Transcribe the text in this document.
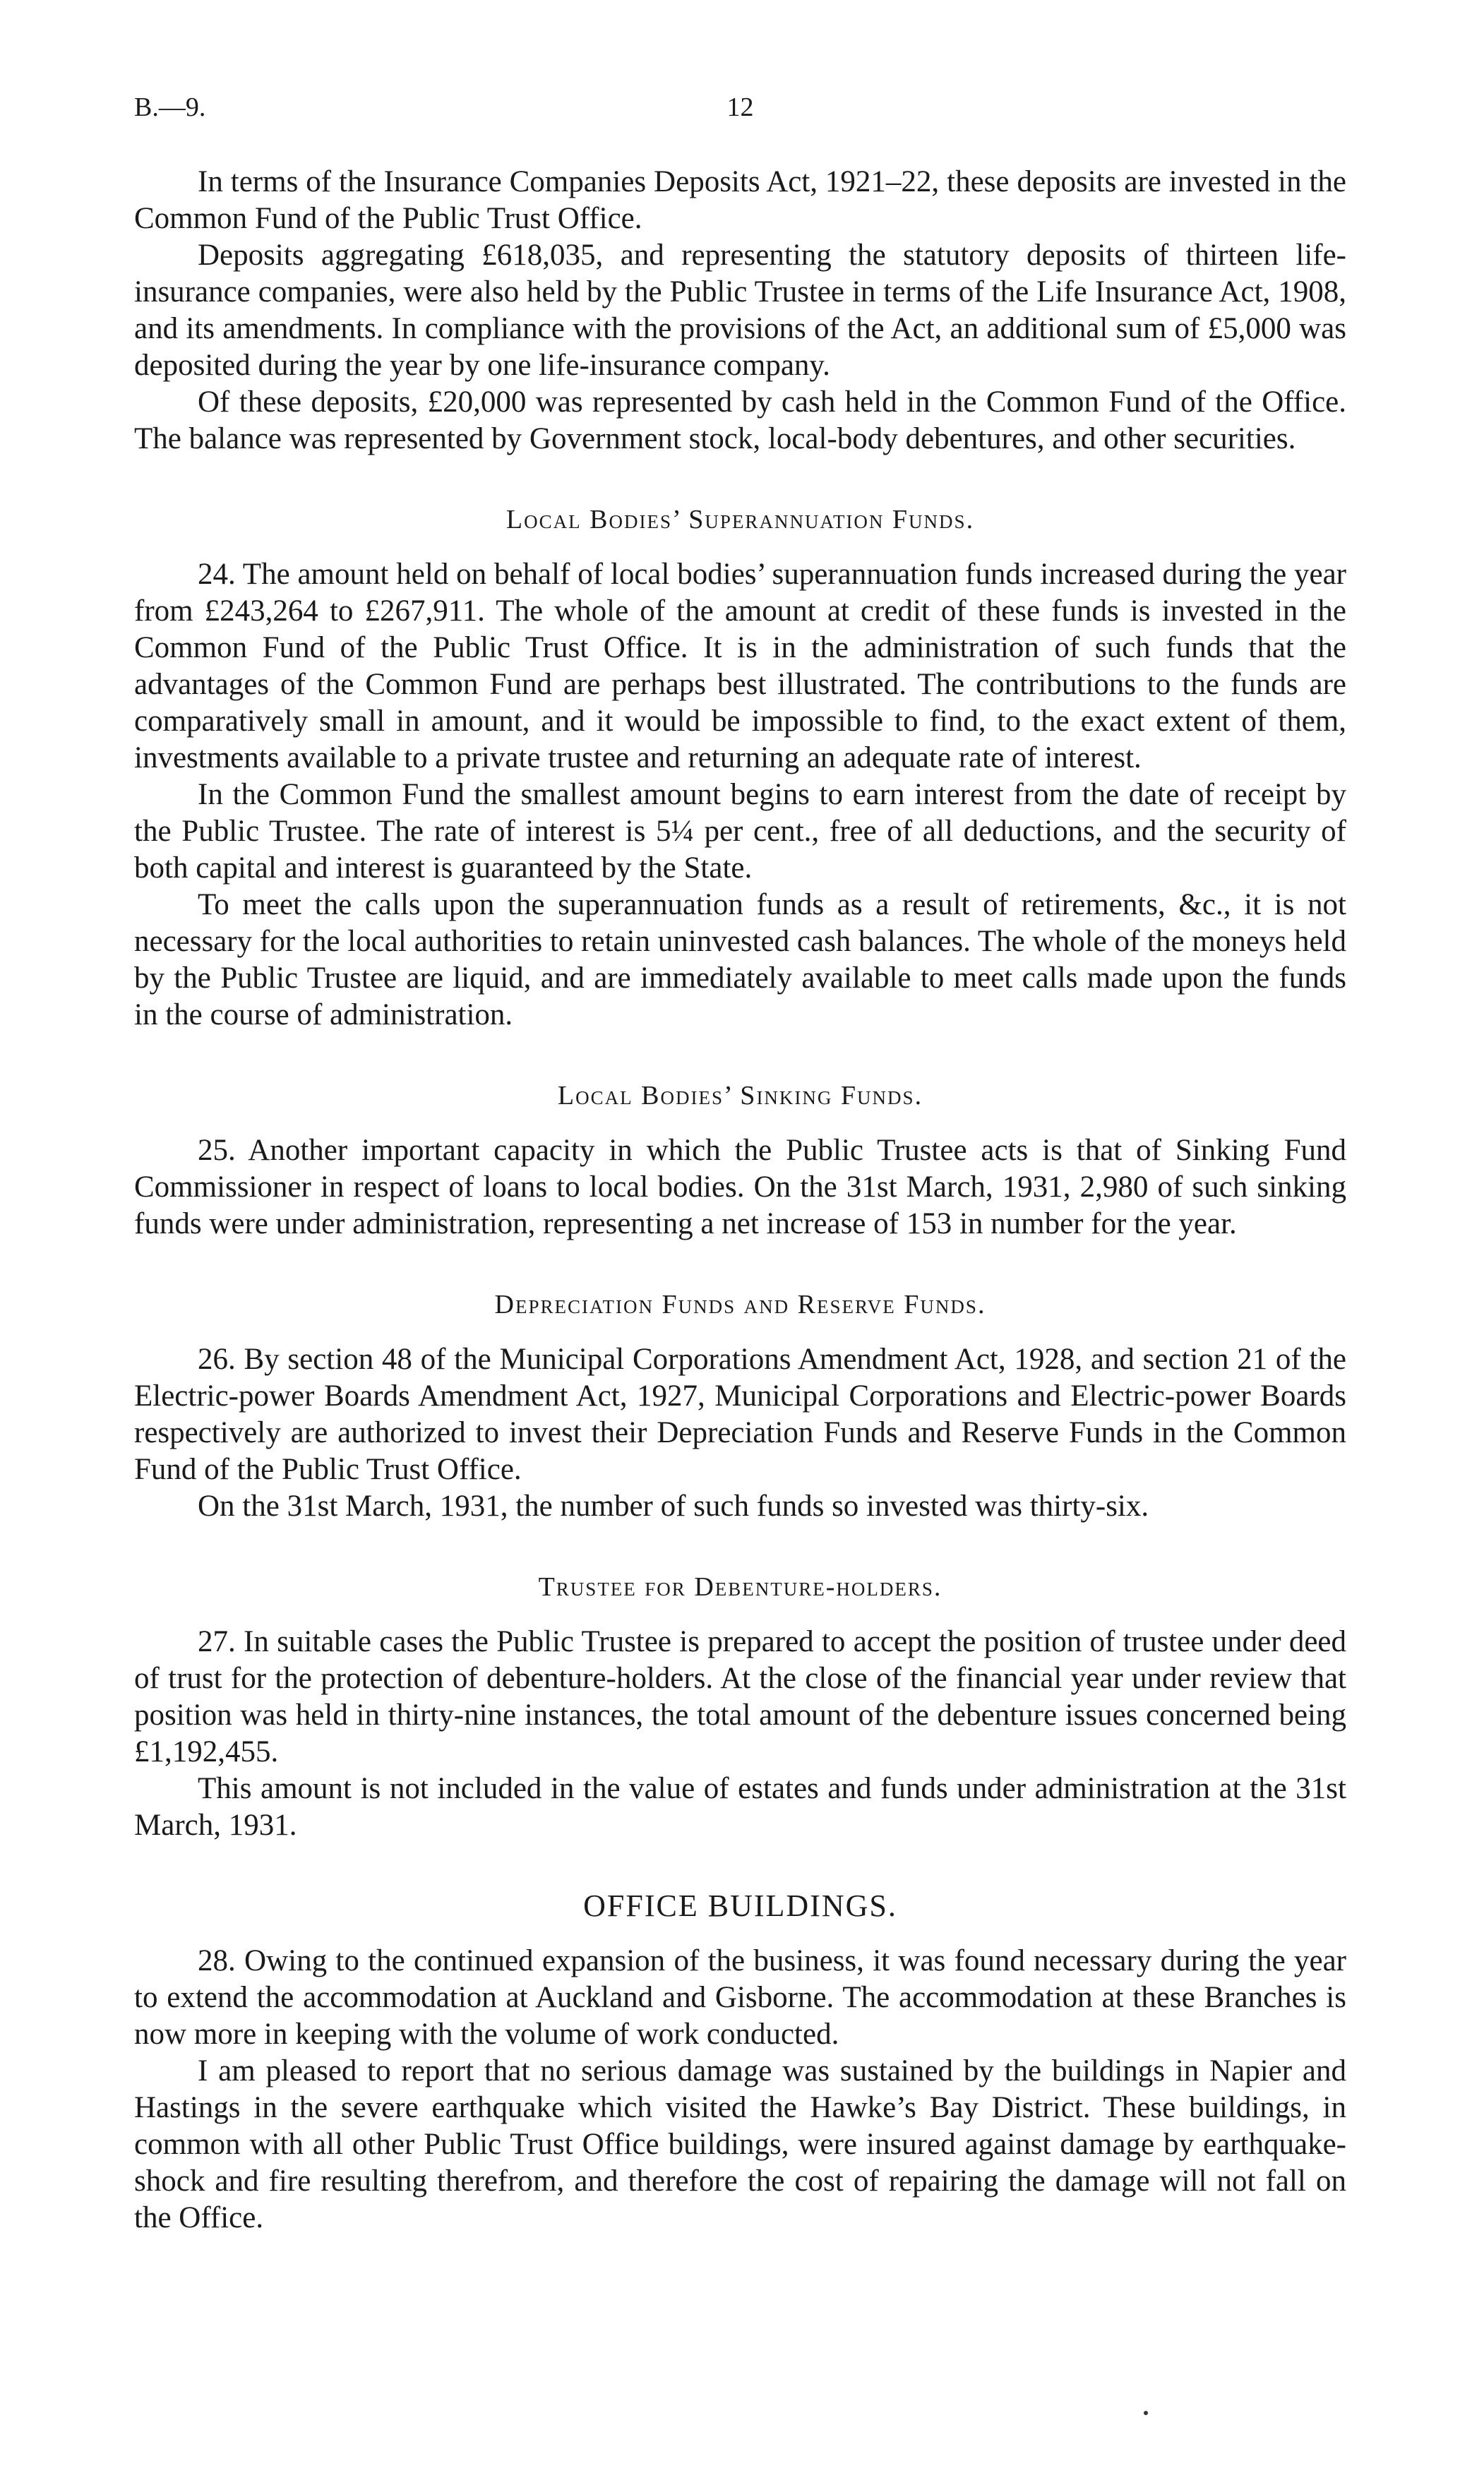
B.—9.	12

In terms of the Insurance Companies Deposits Act, 1921–22, these deposits are invested in the Common Fund of the Public Trust Office.

Deposits aggregating £618,035, and representing the statutory deposits of thirteen life-insurance companies, were also held by the Public Trustee in terms of the Life Insurance Act, 1908, and its amendments. In compliance with the provisions of the Act, an additional sum of £5,000 was deposited during the year by one life-insurance company.

Of these deposits, £20,000 was represented by cash held in the Common Fund of the Office. The balance was represented by Government stock, local-body debentures, and other securities.

Local Bodies’ Superannuation Funds.

24. The amount held on behalf of local bodies’ superannuation funds increased during the year from £243,264 to £267,911. The whole of the amount at credit of these funds is invested in the Common Fund of the Public Trust Office. It is in the administration of such funds that the advantages of the Common Fund are perhaps best illustrated. The contributions to the funds are comparatively small in amount, and it would be impossible to find, to the exact extent of them, investments available to a private trustee and returning an adequate rate of interest.

In the Common Fund the smallest amount begins to earn interest from the date of receipt by the Public Trustee. The rate of interest is 5¼ per cent., free of all deductions, and the security of both capital and interest is guaranteed by the State.

To meet the calls upon the superannuation funds as a result of retirements, &c., it is not necessary for the local authorities to retain uninvested cash balances. The whole of the moneys held by the Public Trustee are liquid, and are immediately available to meet calls made upon the funds in the course of administration.

Local Bodies’ Sinking Funds.

25. Another important capacity in which the Public Trustee acts is that of Sinking Fund Commissioner in respect of loans to local bodies. On the 31st March, 1931, 2,980 of such sinking funds were under administration, representing a net increase of 153 in number for the year.

Depreciation Funds and Reserve Funds.

26. By section 48 of the Municipal Corporations Amendment Act, 1928, and section 21 of the Electric-power Boards Amendment Act, 1927, Municipal Corporations and Electric-power Boards respectively are authorized to invest their Depreciation Funds and Reserve Funds in the Common Fund of the Public Trust Office.

On the 31st March, 1931, the number of such funds so invested was thirty-six.

Trustee for Debenture-holders.

27. In suitable cases the Public Trustee is prepared to accept the position of trustee under deed of trust for the protection of debenture-holders. At the close of the financial year under review that position was held in thirty-nine instances, the total amount of the debenture issues concerned being £1,192,455.

This amount is not included in the value of estates and funds under administration at the 31st March, 1931.

OFFICE BUILDINGS.

28. Owing to the continued expansion of the business, it was found necessary during the year to extend the accommodation at Auckland and Gisborne. The accommodation at these Branches is now more in keeping with the volume of work conducted.

I am pleased to report that no serious damage was sustained by the buildings in Napier and Hastings in the severe earthquake which visited the Hawke’s Bay District. These buildings, in common with all other Public Trust Office buildings, were insured against damage by earthquake-shock and fire resulting therefrom, and therefore the cost of repairing the damage will not fall on the Office.
